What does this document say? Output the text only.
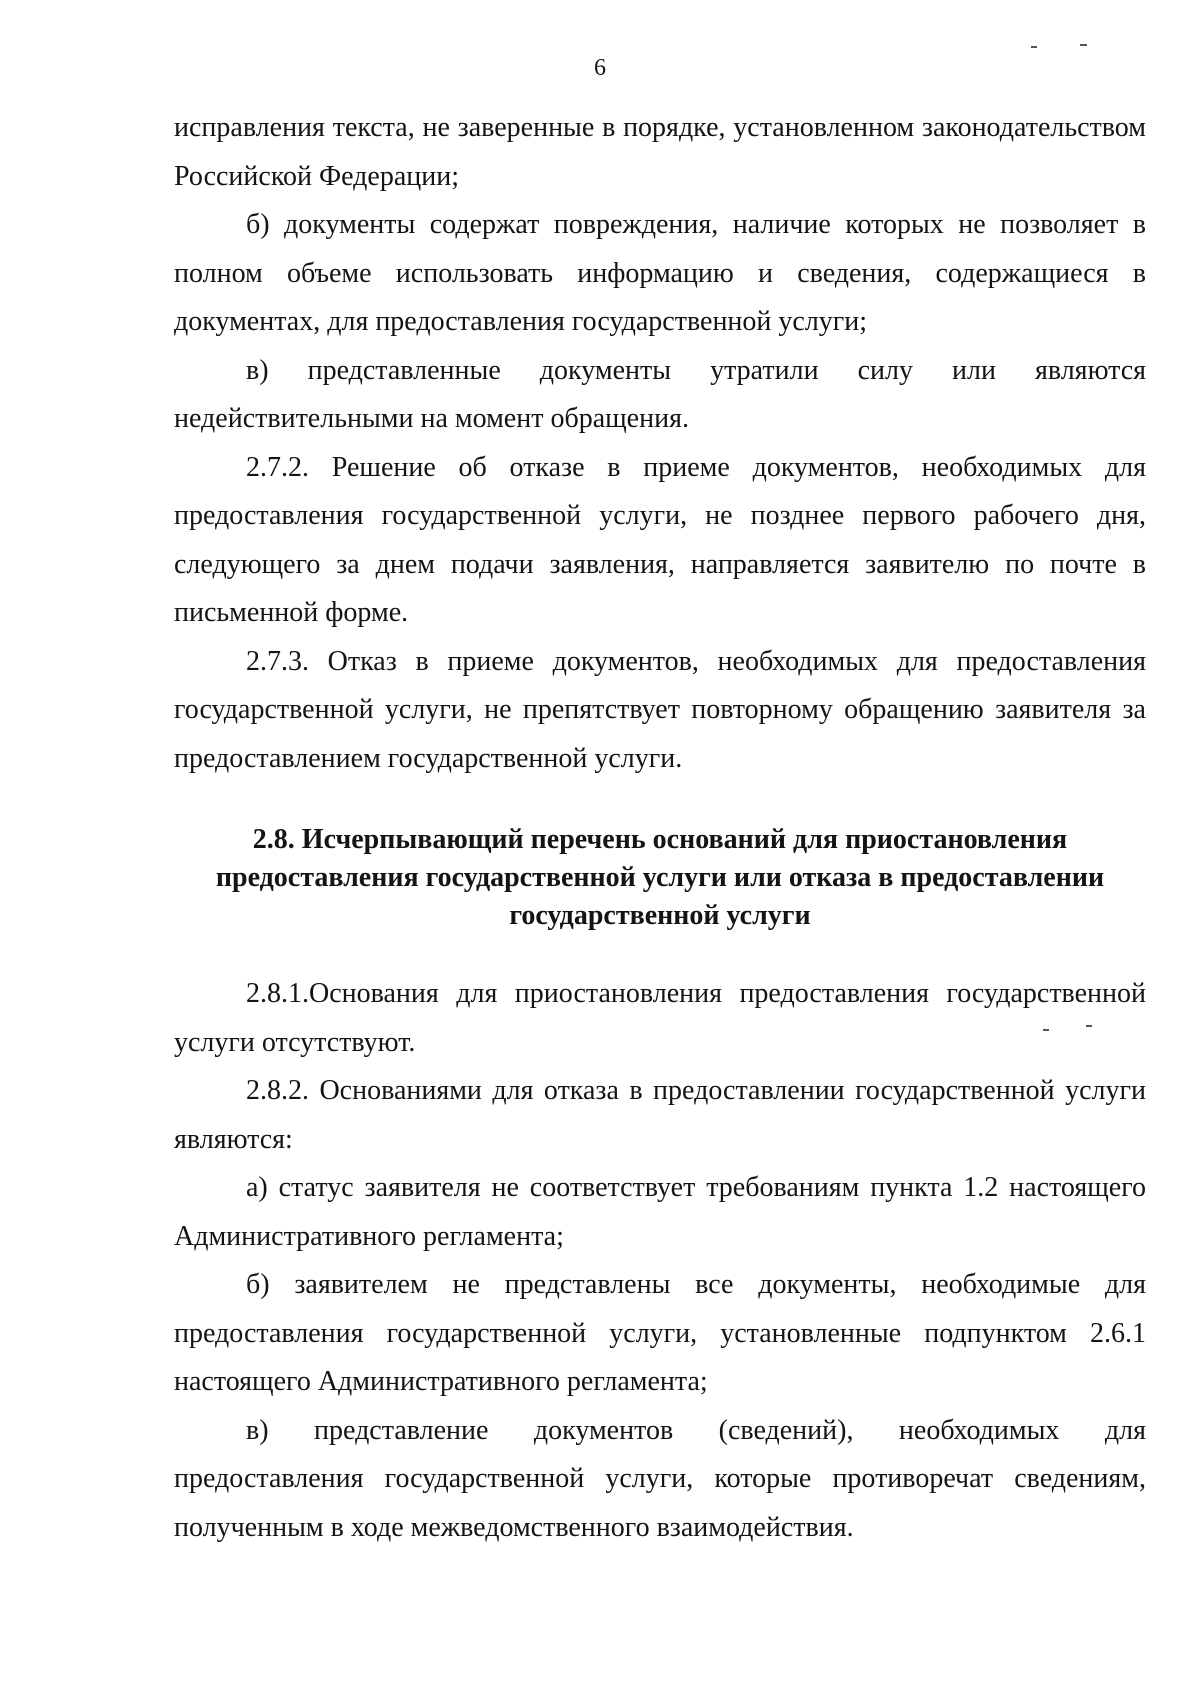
6

исправления текста, не заверенные в порядке, установленном законодательством Российской Федерации;

б) документы содержат повреждения, наличие которых не позволяет в полном объеме использовать информацию и сведения, содержащиеся в документах, для предоставления государственной услуги;

в) представленные документы утратили силу или являются недействительными на момент обращения.

2.7.2. Решение об отказе в приеме документов, необходимых для предоставления государственной услуги, не позднее первого рабочего дня, следующего за днем подачи заявления, направляется заявителю по почте в письменной форме.

2.7.3. Отказ в приеме документов, необходимых для предоставления государственной услуги, не препятствует повторному обращению заявителя за предоставлением государственной услуги.

2.8. Исчерпывающий перечень оснований для приостановления предоставления государственной услуги или отказа в предоставлении государственной услуги

2.8.1.Основания для приостановления предоставления государственной услуги отсутствуют.

2.8.2. Основаниями для отказа в предоставлении государственной услуги являются:

а) статус заявителя не соответствует требованиям пункта 1.2 настоящего Административного регламента;

б) заявителем не представлены все документы, необходимые для предоставления государственной услуги, установленные подпунктом 2.6.1 настоящего Административного регламента;

в) представление документов (сведений), необходимых для предоставления государственной услуги, которые противоречат сведениям, полученным в ходе межведомственного взаимодействия.
